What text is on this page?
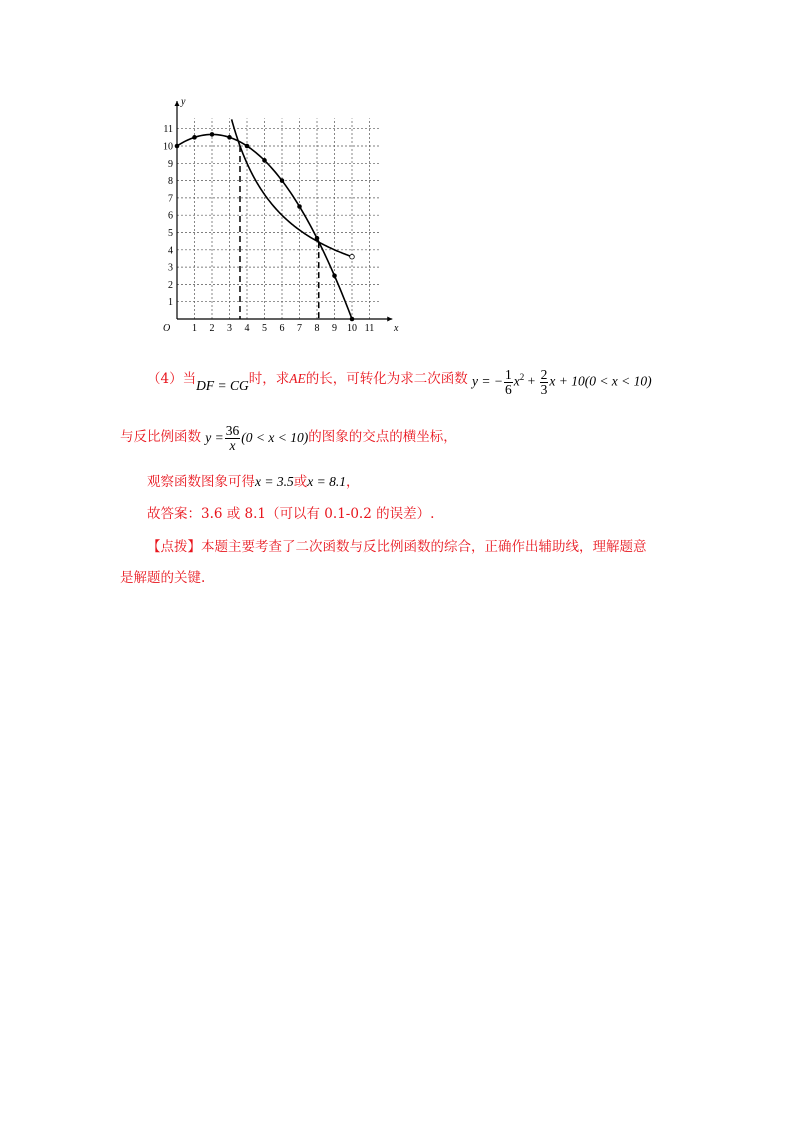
1 2 3 4 5 6 7 8 9 10 11
1
2
3
4
5
6
7
8
9
10
11
O	x
y
（4）当DF = CG时，求AE的长，可转化为求二次函数 y = − $\frac{1}{6} x^2 + \frac{2}{3}$ x + 10(0 < x < 10)
与反比例函数 $y = \frac{36}{x} (0 < x < 10)$的图象的交点的横坐标，
观察函数图象可得x = 3.5或x = 8.1，
故答案：3.6 或 8.1（可以有 0.1-0.2 的误差）.
【点拨】本题主要考查了二次函数与反比例函数的综合，正确作出辅助线，理解题意
是解题的关键.
